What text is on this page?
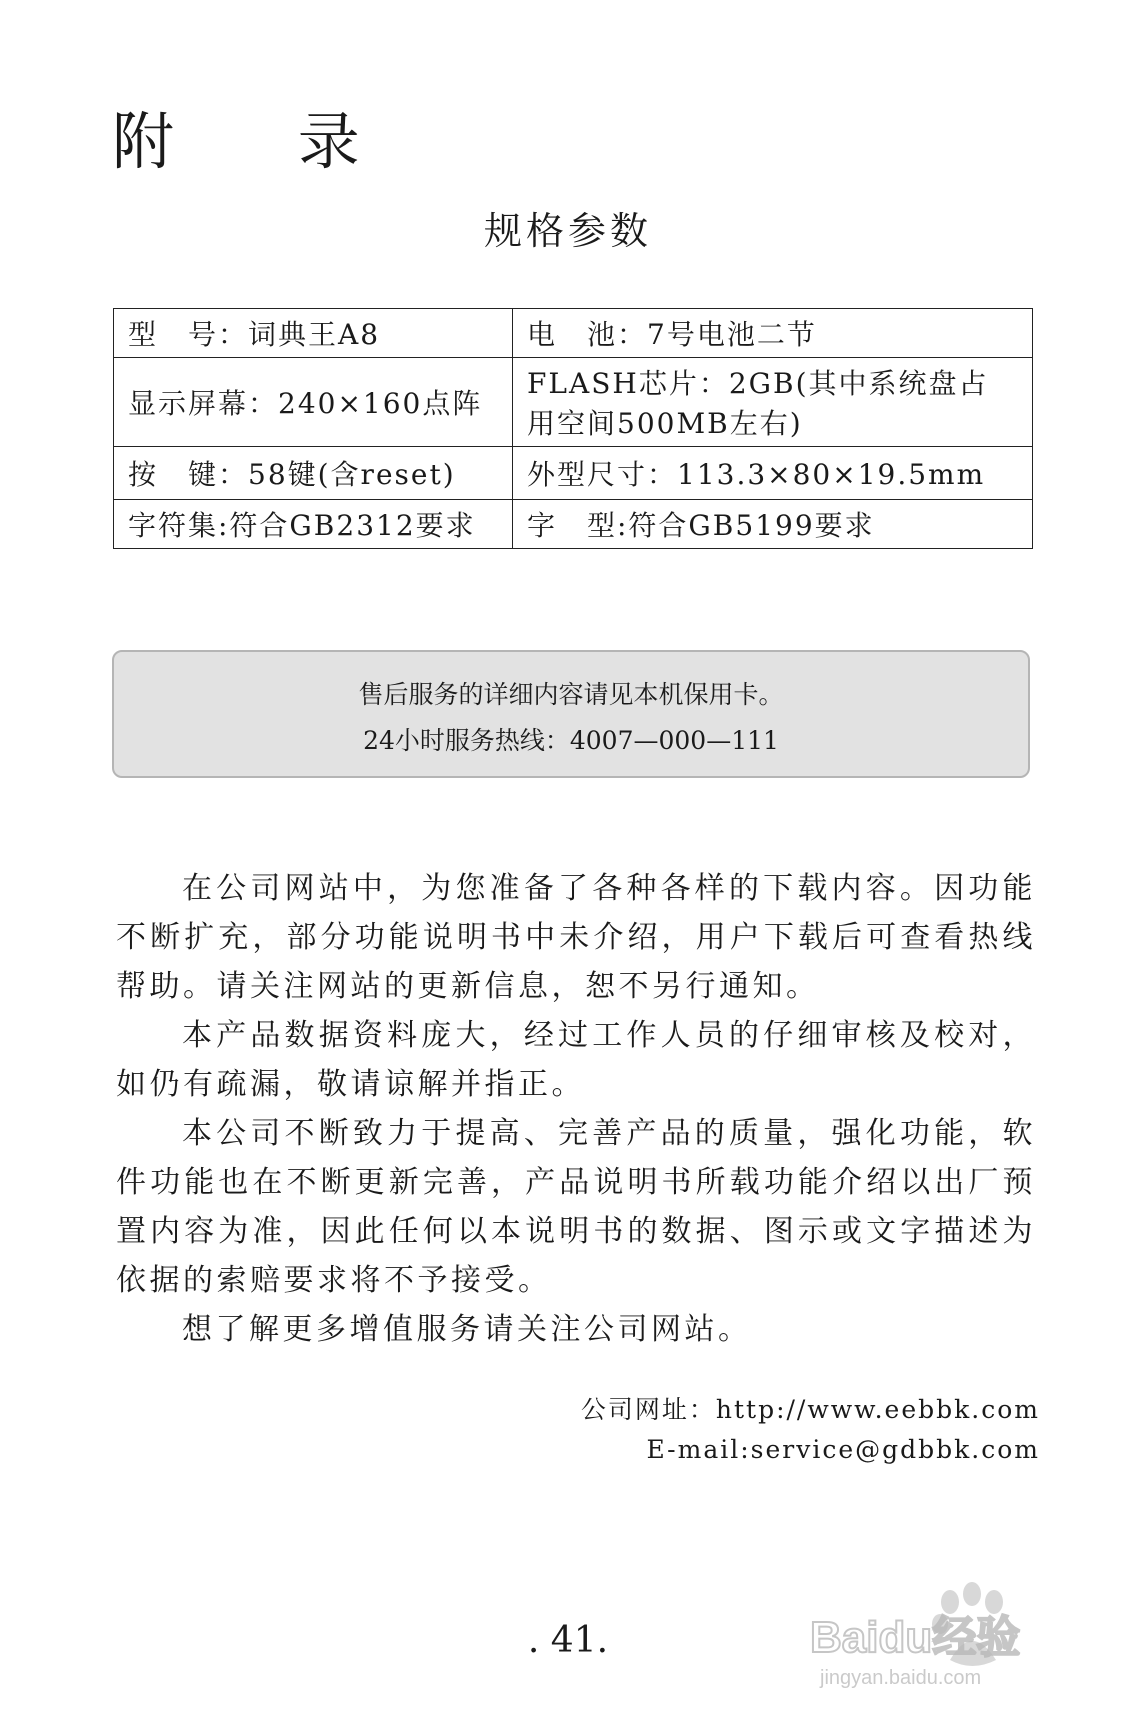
附 录
规格参数
型　号：词典王A8	电　池：7号电池二节
显示屏幕：240×160点阵	FLASH芯片：2GB(其中系统盘占用空间500MB左右)
按　键：58键(含reset)	外型尺寸：113.3×80×19.5mm
字符集:符合GB2312要求	字　型:符合GB5199要求
售后服务的详细内容请见本机保用卡。
24小时服务热线：4007—000—111

在公司网站中，为您准备了各种各样的下载内容。因功能不断扩充，部分功能说明书中未介绍，用户下载后可查看热线帮助。请关注网站的更新信息，恕不另行通知。

本产品数据资料庞大，经过工作人员的仔细审核及校对，如仍有疏漏，敬请谅解并指正。

本公司不断致力于提高、完善产品的质量，强化功能，软件功能也在不断更新完善，产品说明书所载功能介绍以出厂预置内容为准，因此任何以本说明书的数据、图示或文字描述为依据的索赔要求将不予接受。

想了解更多增值服务请关注公司网站。

公司网址：http://www.eebbk.com
E-mail:service@gdbbk.com
. 41.	Baidu经验
jingyan.baidu.com
